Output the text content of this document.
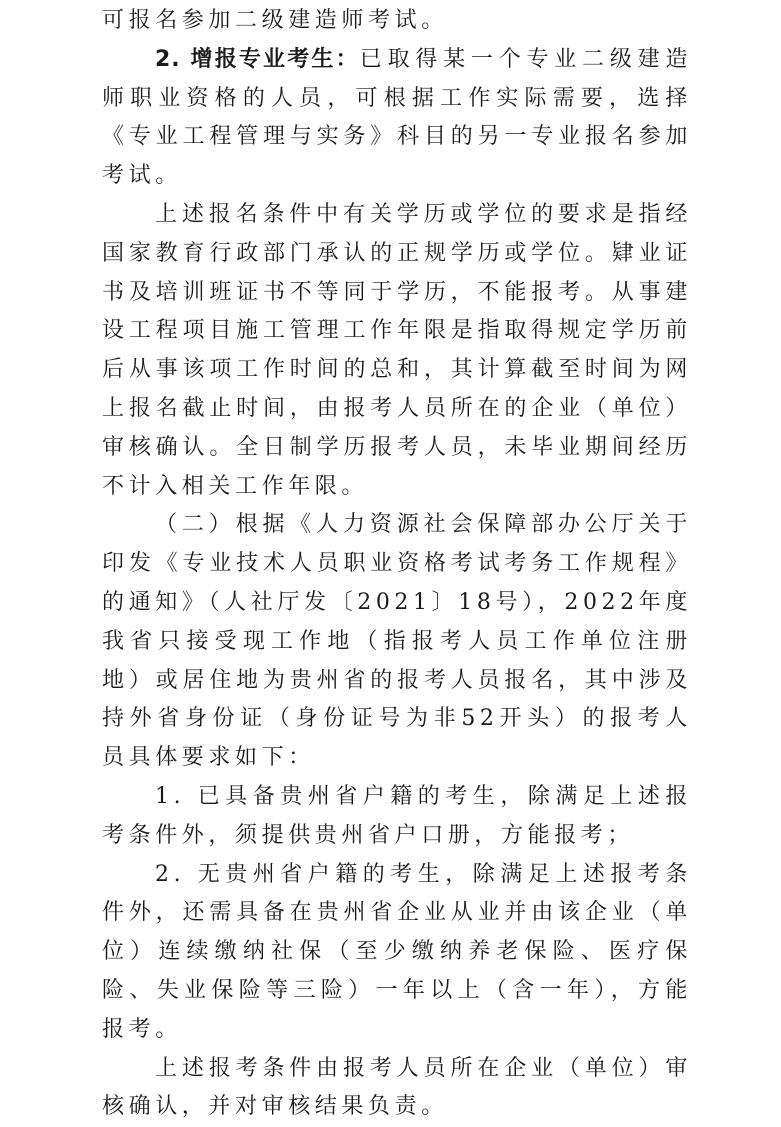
可报名参加二级建造师考试。

2. 增报专业考生：已取得某一个专业二级建造师职业资格的人员，可根据工作实际需要，选择《专业工程管理与实务》科目的另一专业报名参加考试。

上述报名条件中有关学历或学位的要求是指经国家教育行政部门承认的正规学历或学位。肄业证书及培训班证书不等同于学历，不能报考。从事建设工程项目施工管理工作年限是指取得规定学历前后从事该项工作时间的总和，其计算截至时间为网上报名截止时间，由报考人员所在的企业（单位）审核确认。全日制学历报考人员，未毕业期间经历不计入相关工作年限。

（二）根据《人力资源社会保障部办公厅关于印发《专业技术人员职业资格考试考务工作规程》的通知》（人社厅发〔2021〕18号），2022年度我省只接受现工作地（指报考人员工作单位注册地）或居住地为贵州省的报考人员报名，其中涉及持外省身份证（身份证号为非52开头）的报考人员具体要求如下：

1. 已具备贵州省户籍的考生，除满足上述报考条件外，须提供贵州省户口册，方能报考；

2. 无贵州省户籍的考生，除满足上述报考条件外，还需具备在贵州省企业从业并由该企业（单位）连续缴纳社保（至少缴纳养老保险、医疗保险、失业保险等三险）一年以上（含一年），方能报考。

上述报考条件由报考人员所在企业（单位）审核确认，并对审核结果负责。
